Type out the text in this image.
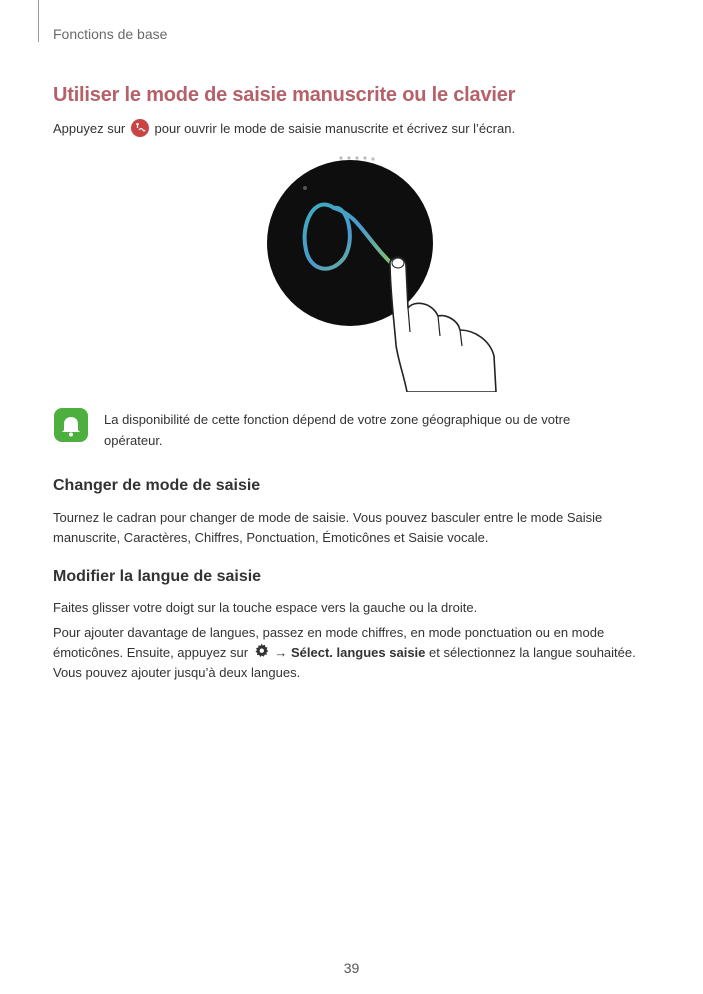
Fonctions de base
Utiliser le mode de saisie manuscrite ou le clavier
Appuyez sur pour ouvrir le mode de saisie manuscrite et écrivez sur l’écran.
La disponibilité de cette fonction dépend de votre zone géographique ou de votre opérateur.
Changer de mode de saisie
Tournez le cadran pour changer de mode de saisie. Vous pouvez basculer entre le mode Saisie manuscrite, Caractères, Chiffres, Ponctuation, Émoticônes et Saisie vocale.
Modifier la langue de saisie
Faites glisser votre doigt sur la touche espace vers la gauche ou la droite.
Pour ajouter davantage de langues, passez en mode chiffres, en mode ponctuation ou en mode émoticônes. Ensuite, appuyez sur → Sélect. langues saisie et sélectionnez la langue souhaitée.
Vous pouvez ajouter jusqu’à deux langues.
39
